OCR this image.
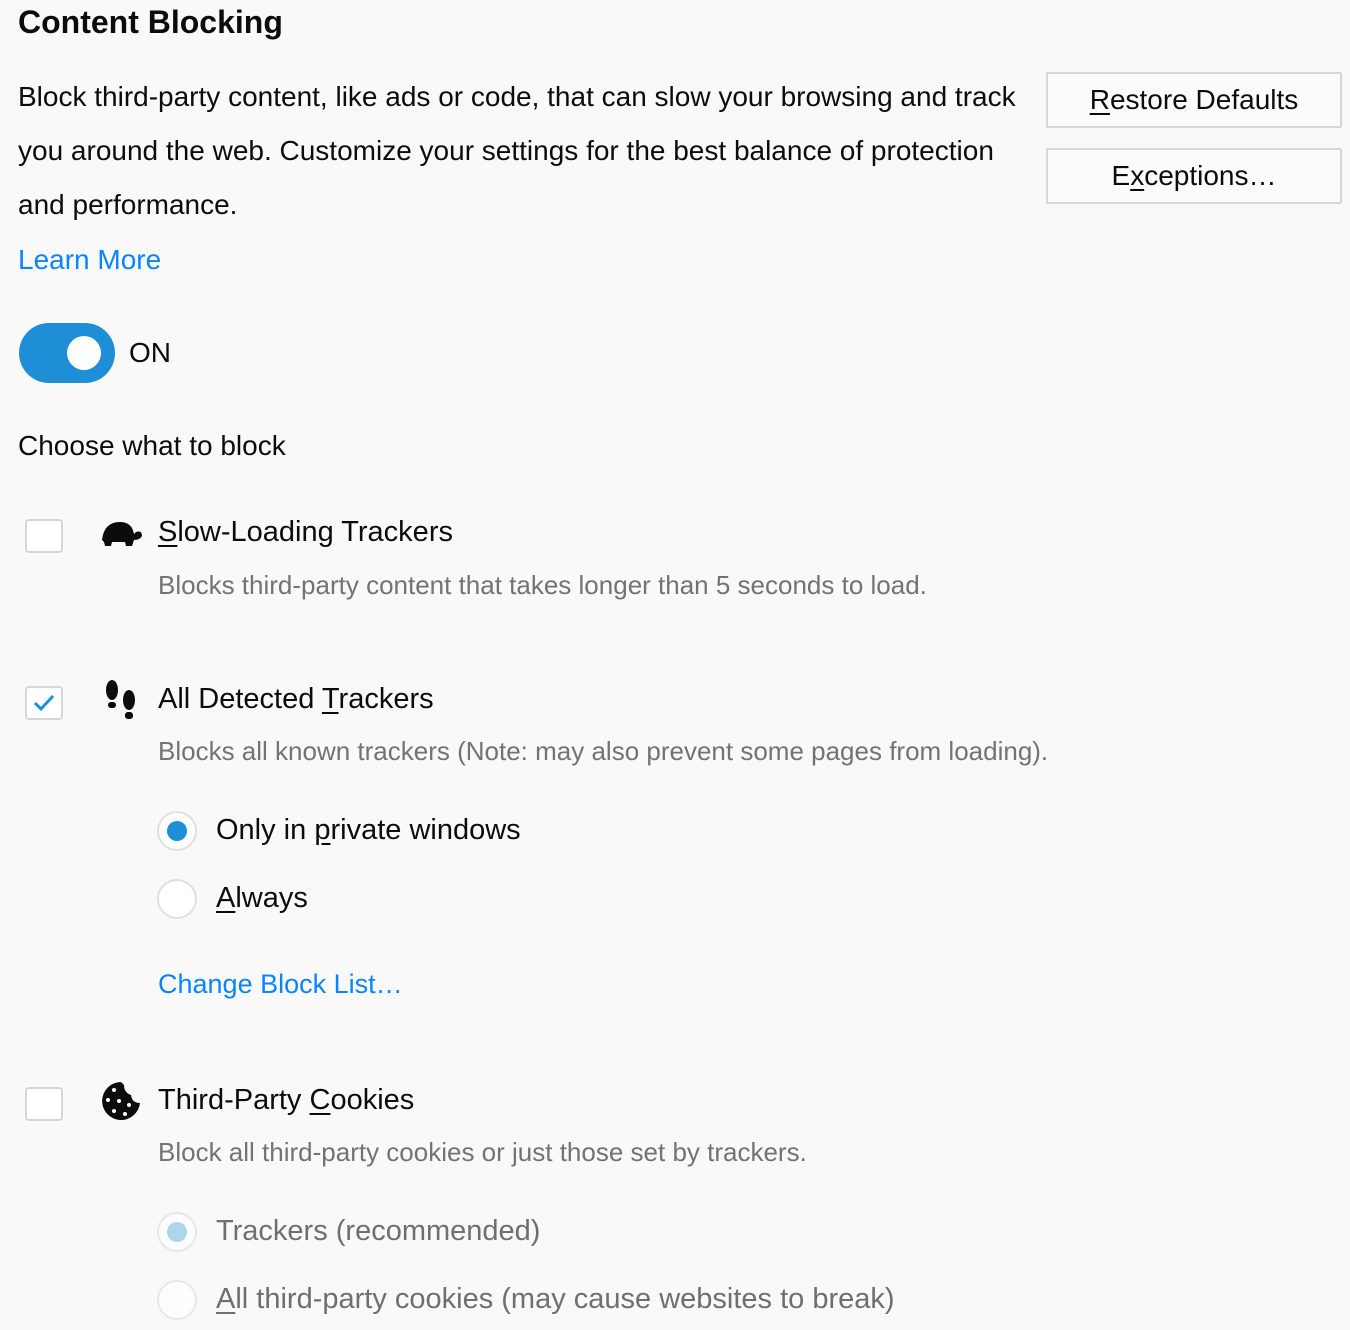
Content Blocking
Block third-party content, like ads or code, that can slow your browsing and track you around the web. Customize your settings for the best balance of protection and performance.
Learn More
R estore Defaults
E x ceptions…
ON
Choose what to block
Slow-Loading Trackers
Blocks third-party content that takes longer than 5 seconds to load.
All Detected Trackers
Blocks all known trackers (Note: may also prevent some pages from loading).
Only in private windows
Always
Change Block List…
Third-Party Cookies
Block all third-party cookies or just those set by trackers.
Trackers (recommended)
All third-party cookies (may cause websites to break)
